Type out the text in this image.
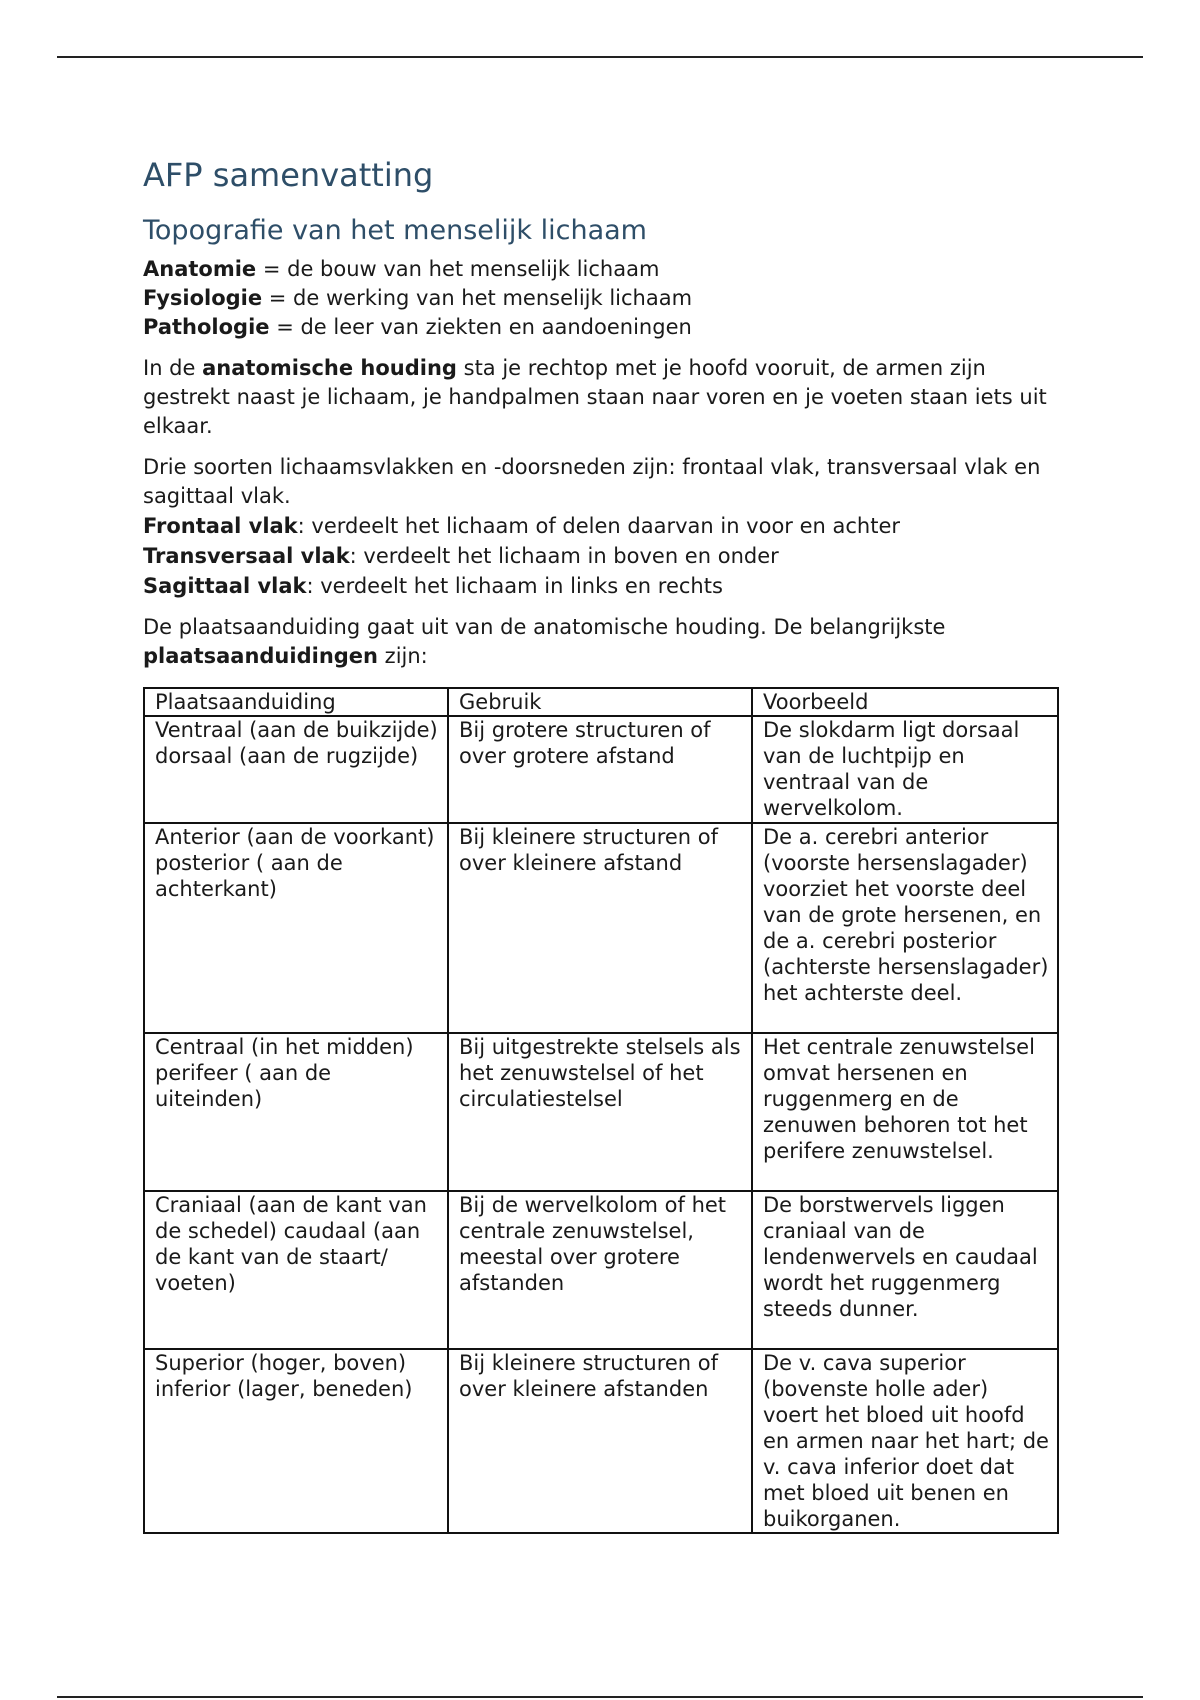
AFP samenvatting
Topografie van het menselijk lichaam
Anatomie = de bouw van het menselijk lichaam
Fysiologie = de werking van het menselijk lichaam
Pathologie = de leer van ziekten en aandoeningen

In de anatomische houding sta je rechtop met je hoofd vooruit, de armen zijn gestrekt naast je lichaam, je handpalmen staan naar voren en je voeten staan iets uit elkaar.

Drie soorten lichaamsvlakken en -doorsneden zijn: frontaal vlak, transversaal vlak en sagittaal vlak.

Frontaal vlak: verdeelt het lichaam of delen daarvan in voor en achter
Transversaal vlak: verdeelt het lichaam in boven en onder
Sagittaal vlak: verdeelt het lichaam in links en rechts

De plaatsaanduiding gaat uit van de anatomische houding. De belangrijkste plaatsaanduidingen zijn:

Plaatsaanduiding	Gebruik	Voorbeeld
Ventraal (aan de buikzijde) dorsaal (aan de rugzijde)	Bij grotere structuren of over grotere afstand	De slokdarm ligt dorsaal van de luchtpijp en ventraal van de wervelkolom.
Anterior (aan de voorkant) posterior ( aan de achterkant)	Bij kleinere structuren of over kleinere afstand	De a. cerebri anterior (voorste hersenslagader) voorziet het voorste deel van de grote hersenen, en de a. cerebri posterior (achterste hersenslagader) het achterste deel.
Centraal (in het midden) perifeer ( aan de uiteinden)	Bij uitgestrekte stelsels als het zenuwstelsel of het circulatiestelsel	Het centrale zenuwstelsel omvat hersenen en ruggenmerg en de zenuwen behoren tot het perifere zenuwstelsel.
Craniaal (aan de kant van de schedel) caudaal (aan de kant van de staart/ voeten)	Bij de wervelkolom of het centrale zenuwstelsel, meestal over grotere afstanden	De borstwervels liggen craniaal van de lendenwervels en caudaal wordt het ruggenmerg steeds dunner.
Superior (hoger, boven) inferior (lager, beneden)	Bij kleinere structuren of over kleinere afstanden	De v. cava superior (bovenste holle ader) voert het bloed uit hoofd en armen naar het hart; de v. cava inferior doet dat met bloed uit benen en buikorganen.
